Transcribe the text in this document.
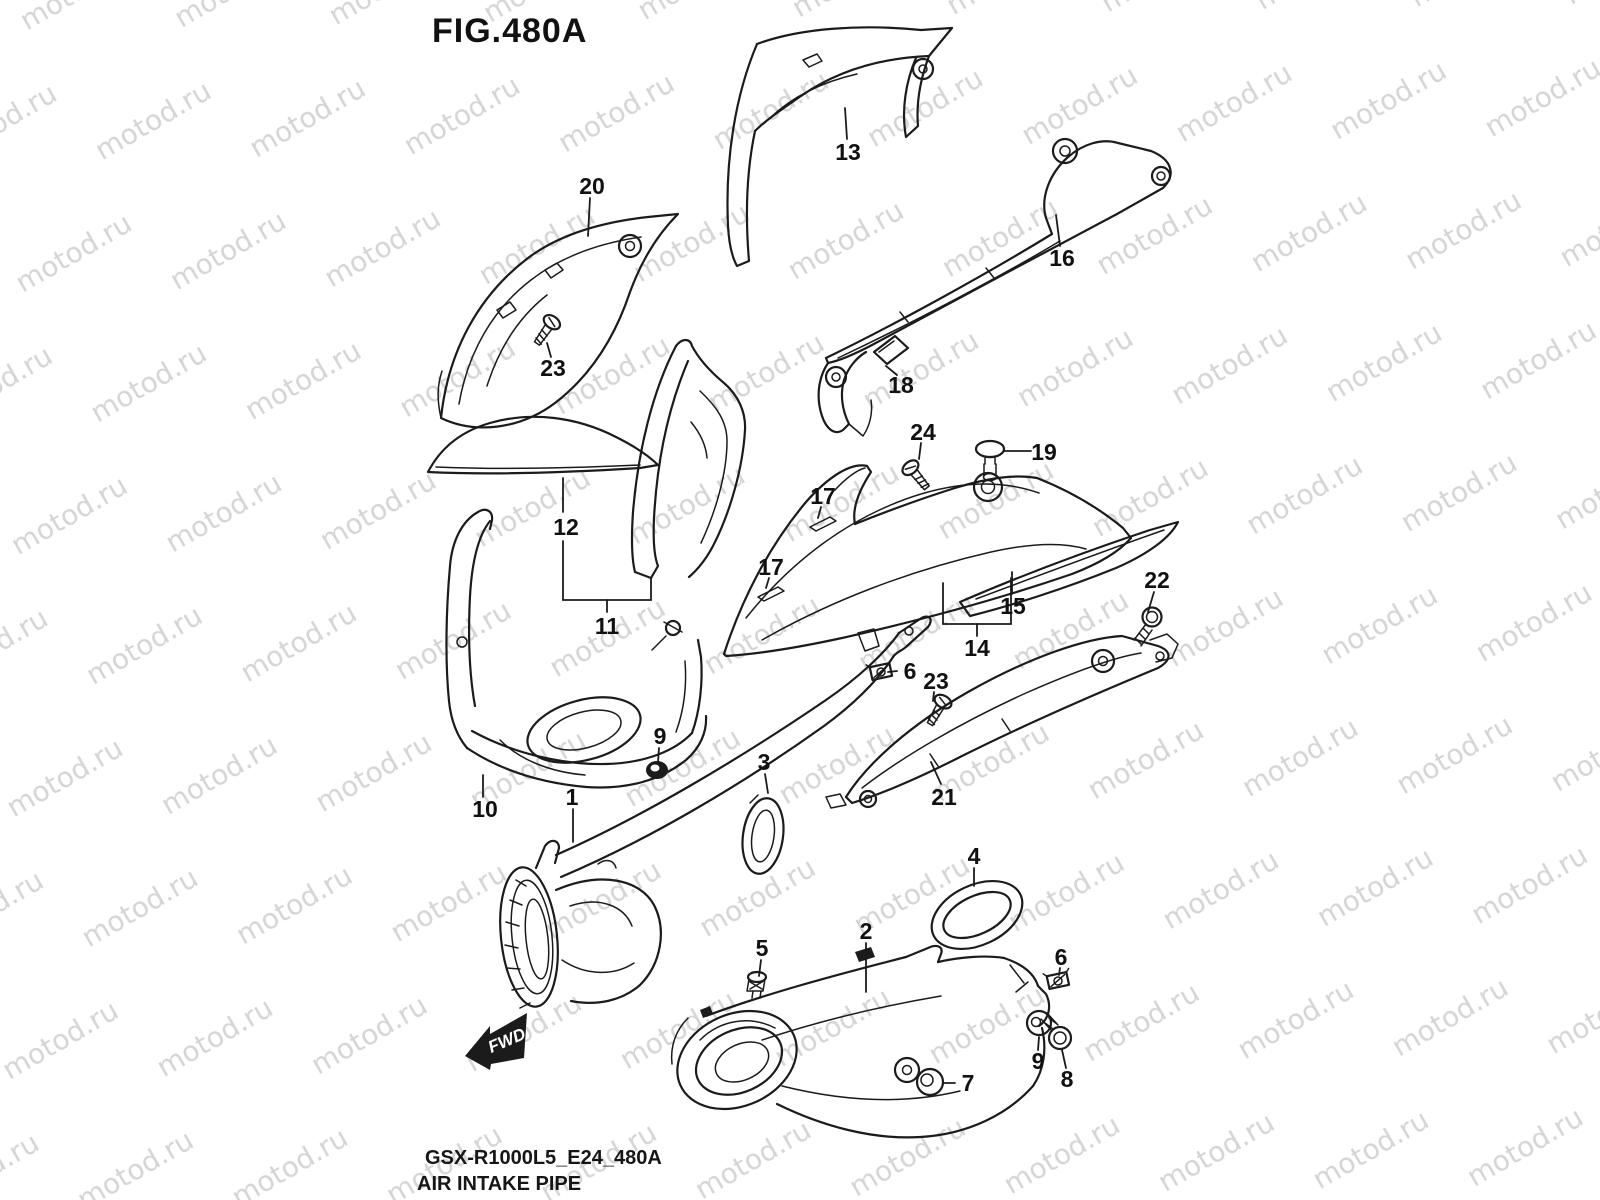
FWD
20
13
16
23
18
24
19
17
12
17	22
15
11
14
6 23
9
3
1
10	21
4
2
5	6
9
8
7
FIG.480A
GSX-R1000L5_E24_480A
AIR INTAKE PIPE
